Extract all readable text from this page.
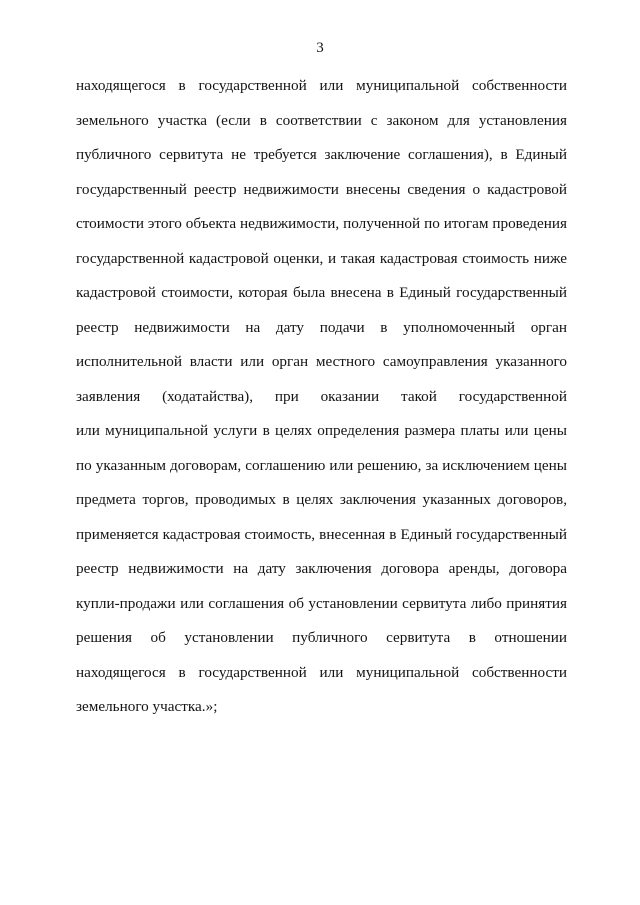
3
находящегося в государственной или муниципальной собственности
земельного участка (если в соответствии с законом для установления
публичного сервитута не требуется заключение соглашения), в Единый
государственный реестр недвижимости внесены сведения о кадастровой
стоимости этого объекта недвижимости, полученной по итогам проведения
государственной кадастровой оценки, и такая кадастровая стоимость ниже
кадастровой стоимости, которая была внесена в Единый государственный
реестр недвижимости на дату подачи в уполномоченный орган
исполнительной власти или орган местного самоуправления указанного
заявления (ходатайства), при оказании такой государственной
или муниципальной услуги в целях определения размера платы или цены
по указанным договорам, соглашению или решению, за исключением цены
предмета торгов, проводимых в целях заключения указанных договоров,
применяется кадастровая стоимость, внесенная в Единый государственный
реестр недвижимости на дату заключения договора аренды, договора
купли-продажи или соглашения об установлении сервитута либо принятия
решения об установлении публичного сервитута в отношении
находящегося в государственной или муниципальной собственности
земельного участка.»;
